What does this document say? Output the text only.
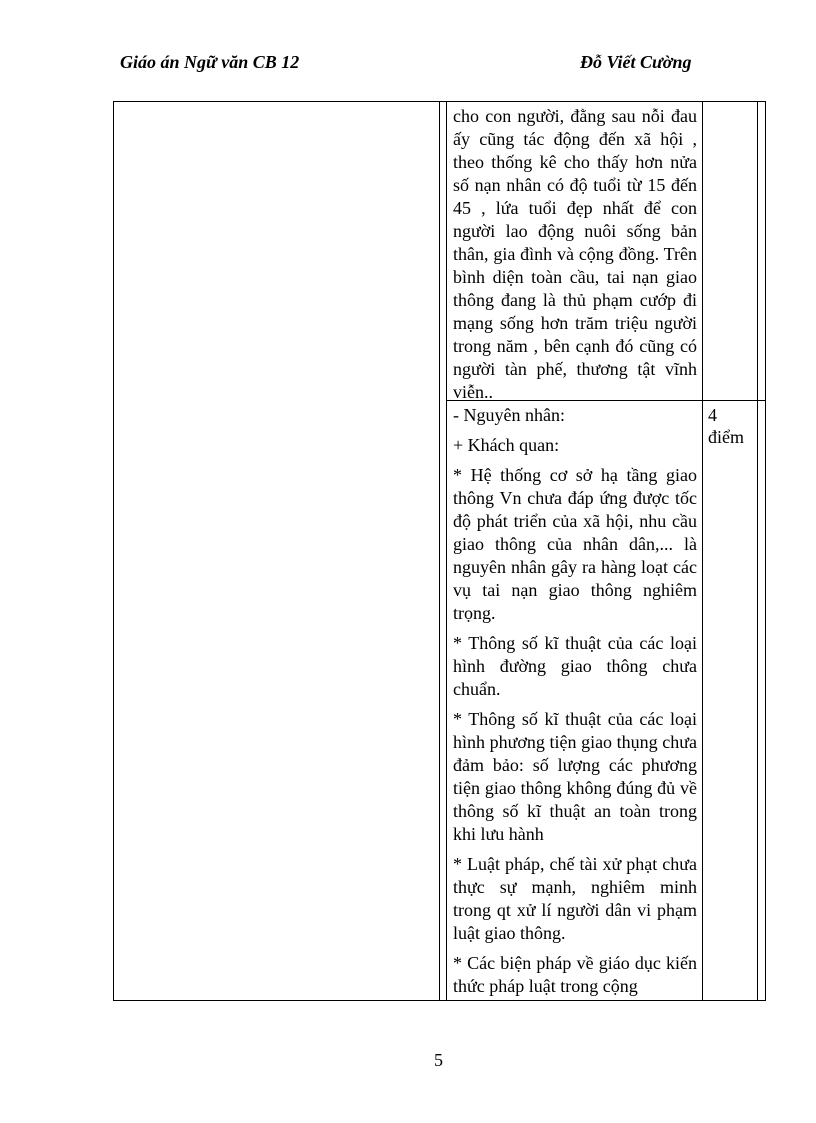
Giáo án Ngữ văn CB 12	Đỗ Viết Cường

cho con người, đằng sau nỗi đau ấy cũng tác động đến xã hội , theo thống kê cho thấy hơn nửa số nạn nhân có độ tuổi từ 15 đến 45 , lứa tuổi đẹp nhất để con người lao động nuôi sống bản thân, gia đình và cộng đồng. Trên bình diện toàn cầu, tai nạn giao thông đang là thủ phạm cướp đi mạng sống hơn trăm triệu người trong năm , bên cạnh đó cũng có người tàn phế, thương tật vĩnh viễn..

- Nguyên nhân:

+ Khách quan:

* Hệ thống cơ sở hạ tầng giao thông Vn chưa đáp ứng được tốc độ phát triển của xã hội, nhu cầu giao thông của nhân dân,... là nguyên nhân gây ra hàng loạt các vụ tai nạn giao thông nghiêm trọng.

* Thông số kĩ thuật của các loại hình đường giao thông chưa chuẩn.

* Thông số kĩ thuật của các loại hình phương tiện giao thụng chưa đảm bảo: số lượng các phương tiện giao thông không đúng đủ về thông số kĩ thuật an toàn trong khi lưu hành

* Luật pháp, chế tài xử phạt chưa thực sự mạnh, nghiêm minh trong qt xử lí người dân vi phạm luật giao thông.

* Các biện pháp về giáo dục kiến thức pháp luật trong cộng

4
điểm
5
